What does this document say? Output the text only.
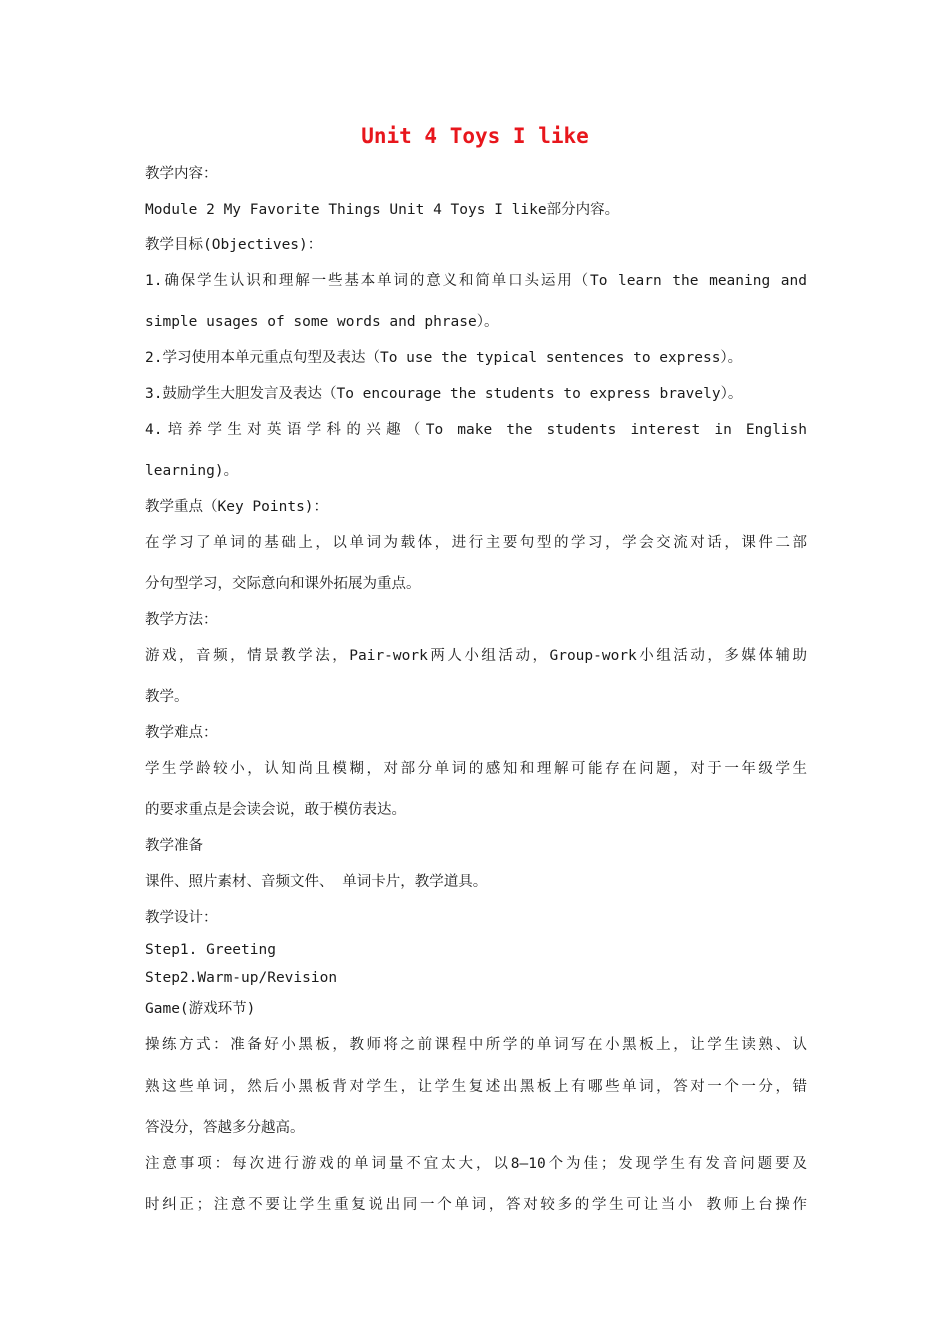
Unit 4 Toys I like
教学内容：
Module 2 My Favorite Things Unit 4 Toys I like部分内容。
教学目标(Objectives)：
1.确保学生认识和理解一些基本单词的意义和简单口头运用（To learn the meaning and
simple usages of some words and phrase）。
2.学习使用本单元重点句型及表达（To use the typical sentences to express）。
3.鼓励学生大胆发言及表达（To encourage the students to express bravely）。
4.培养学生对英语学科的兴趣（To make the students interest in English
learning)。
教学重点（Key Points)：
在学习了单词的基础上，以单词为载体，进行主要句型的学习，学会交流对话，课件二部
分句型学习，交际意向和课外拓展为重点。
教学方法：
游戏，音频，情景教学法，Pair-work两人小组活动，Group-work小组活动，多媒体辅助
教学。
教学难点：
学生学龄较小，认知尚且模糊，对部分单词的感知和理解可能存在问题，对于一年级学生
的要求重点是会读会说，敢于模仿表达。
教学准备
课件、照片素材、音频文件、 单词卡片，教学道具。
教学设计：
Step1. Greeting
Step2.Warm-up/Revision
Game(游戏环节)
操练方式：准备好小黑板，教师将之前课程中所学的单词写在小黑板上，让学生读熟、认
熟这些单词，然后小黑板背对学生，让学生复述出黑板上有哪些单词，答对一个一分，错
答没分，答越多分越高。
注意事项：每次进行游戏的单词量不宜太大，以8—10个为佳；发现学生有发音问题要及
时纠正；注意不要让学生重复说出同一个单词，答对较多的学生可让当小 教师上台操作
